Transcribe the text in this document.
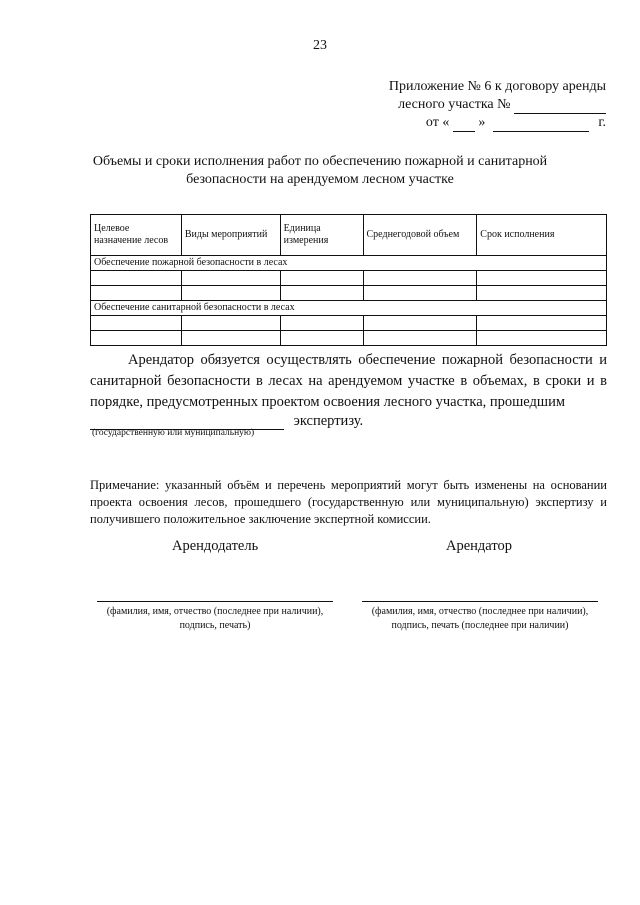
23
Приложение № 6 к договору аренды
лесного участка №
от « »	г.
Объемы и сроки исполнения работ по обеспечению пожарной и санитарной
безопасности на арендуемом лесном участке
Целевое назначение лесов	Виды мероприятий	Единица измерения	Среднегодовой объем	Срок исполнения
Обеспечение пожарной безопасности в лесах				

Обеспечение санитарной безопасности в лесах				

Арендатор обязуется осуществлять обеспечение пожарной безопасности и санитарной безопасности в лесах на арендуемом участке в объемах, в сроки и в порядке, предусмотренных проектом освоения лесного участка, прошедшим
экспертизу.
(государственную или муниципальную)
Примечание: указанный объём и перечень мероприятий могут быть изменены на основании проекта освоения лесов, прошедшего (государственную или муниципальную) экспертизу и получившего положительное заключение экспертной комиссии.
Арендодатель	Арендатор
(фамилия, имя, отчество (последнее при наличии), подпись, печать)
(фамилия, имя, отчество (последнее при наличии), подпись, печать (последнее при наличии)
